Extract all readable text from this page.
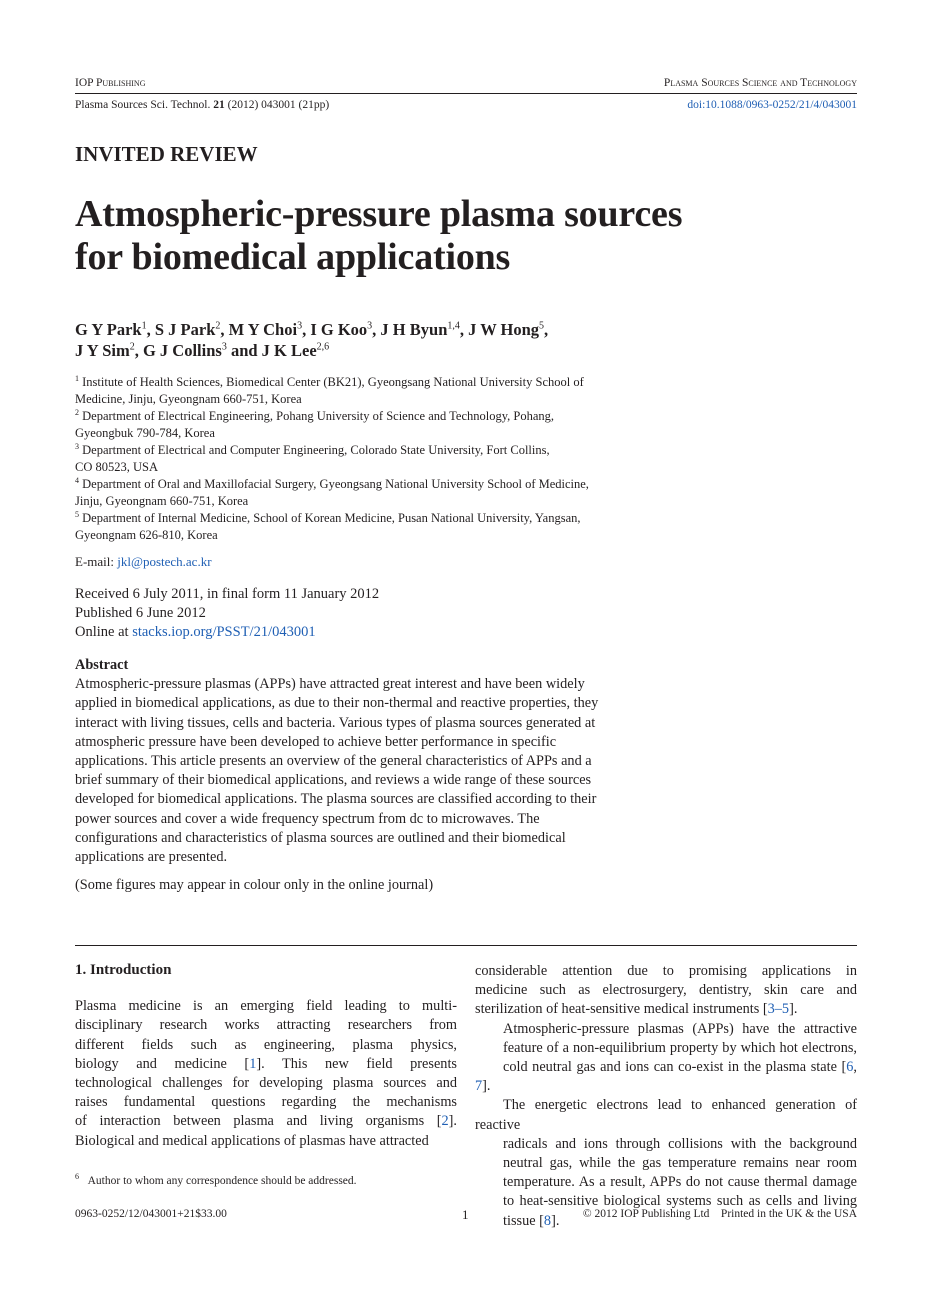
IOP Publishing	Plasma Sources Science and Technology
Plasma Sources Sci. Technol. 21 (2012) 043001 (21pp)	doi:10.1088/0963-0252/21/4/043001
INVITED REVIEW
Atmospheric-pressure plasma sources
for biomedical applications
G Y Park$^1$, S J Park$^2$, M Y Choi$^3$, I G Koo$^3$, J H Byun$^{1,4}$, J W Hong$^5$,
J Y Sim$^2$, G J Collins$^3$ and J K Lee$^{2,6}$
$^1$ Institute of Health Sciences, Biomedical Center (BK21), Gyeongsang National University School of
Medicine, Jinju, Gyeongnam 660-751, Korea
$^2$ Department of Electrical Engineering, Pohang University of Science and Technology, Pohang,
Gyeongbuk 790-784, Korea
$^3$ Department of Electrical and Computer Engineering, Colorado State University, Fort Collins,
CO 80523, USA
$^4$ Department of Oral and Maxillofacial Surgery, Gyeongsang National University School of Medicine,
Jinju, Gyeongnam 660-751, Korea
$^5$ Department of Internal Medicine, School of Korean Medicine, Pusan National University, Yangsan,
Gyeongnam 626-810, Korea
E-mail: jkl@postech.ac.kr
Received 6 July 2011, in final form 11 January 2012
Published 6 June 2012
Online at stacks.iop.org/PSST/21/043001
Abstract
Atmospheric-pressure plasmas (APPs) have attracted great interest and have been widely
applied in biomedical applications, as due to their non-thermal and reactive properties, they
interact with living tissues, cells and bacteria. Various types of plasma sources generated at
atmospheric pressure have been developed to achieve better performance in specific
applications. This article presents an overview of the general characteristics of APPs and a
brief summary of their biomedical applications, and reviews a wide range of these sources
developed for biomedical applications. The plasma sources are classified according to their
power sources and cover a wide frequency spectrum from dc to microwaves. The
configurations and characteristics of plasma sources are outlined and their biomedical
applications are presented.
(Some figures may appear in colour only in the online journal)
1. Introduction

Plasma medicine is an emerging field leading to multi-
disciplinary research works attracting researchers from
different fields such as engineering, plasma physics,
biology and medicine [1]. This new field presents
technological challenges for developing plasma sources and
raises fundamental questions regarding the mechanisms
of interaction between plasma and living organisms [2].
Biological and medical applications of plasmas have attracted

$^6$ Author to whom any correspondence should be addressed.

considerable attention due to promising applications in
medicine such as electrosurgery, dentistry, skin care and
sterilization of heat-sensitive medical instruments [3–5].

Atmospheric-pressure plasmas (APPs) have the attractive
feature of a non-equilibrium property by which hot electrons,
cold neutral gas and ions can co-exist in the plasma state [6, 7].
The energetic electrons lead to enhanced generation of reactive
radicals and ions through collisions with the background
neutral gas, while the gas temperature remains near room
temperature. As a result, APPs do not cause thermal damage
to heat-sensitive biological systems such as cells and living
tissue [8].

0963-0252/12/043001+21$33.00	1	© 2012 IOP Publishing Ltd    Printed in the UK & the USA
